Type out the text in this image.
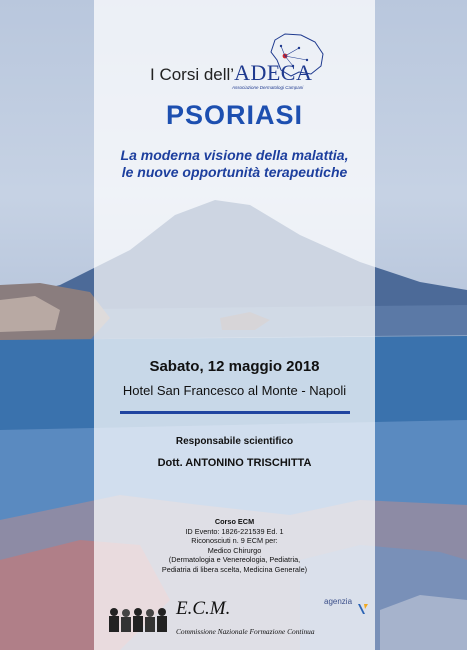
I Corsi dell’ADECA
Associazione Dermatologi Campani
PSORIASI
La moderna visione della malattia,
le nuove opportunità terapeutiche
Sabato, 12 maggio 2018
Hotel San Francesco al Monte - Napoli
Responsabile scientifico
Dott. ANTONINO TRISCHITTA
Corso ECM
ID Evento: 1826-221539 Ed. 1
Riconosciuti n. 9 ECM per:
Medico Chirurgo
(Dermatologia e Venereologia, Pediatria,
Pediatria di libera scelta, Medicina Generale)
E.C.M.
Commissione Nazionale Formazione Continua
agenzia
